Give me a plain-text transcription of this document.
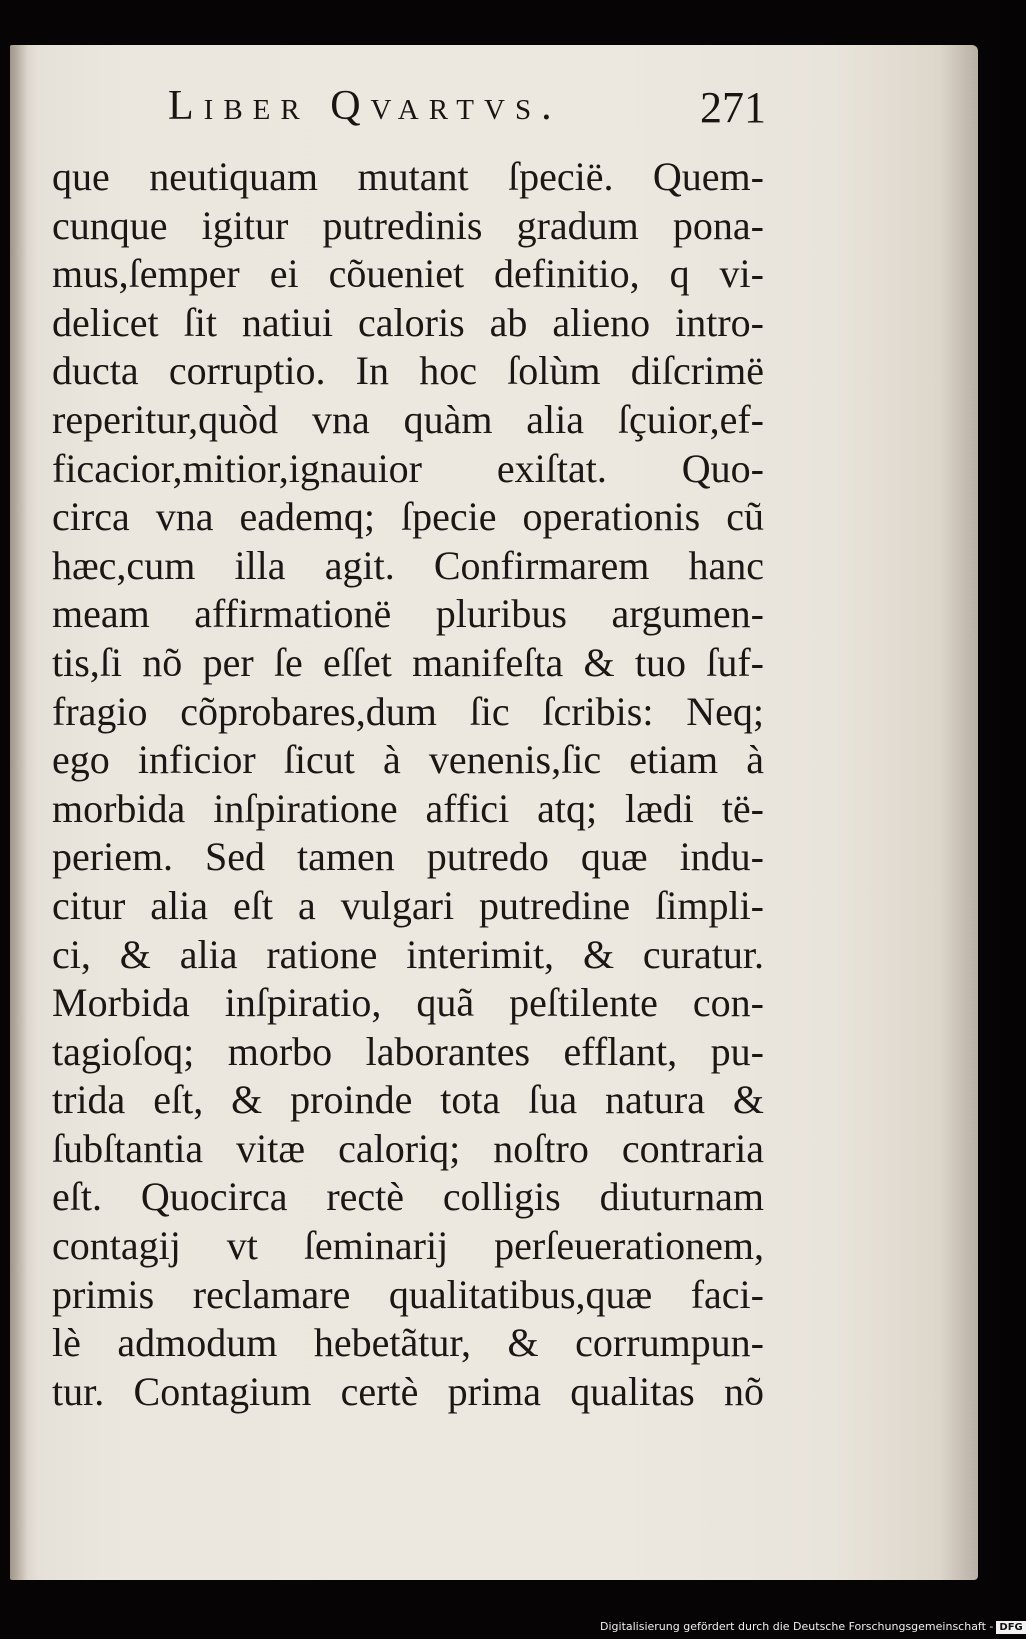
Liber Qvartvs.	271
que neutiquam mutant ſpecië. Quem-
cunque igitur putredinis gradum pona-
mus,ſemper ei cõueniet definitio, q vi-
delicet ſit natiui caloris ab alieno intro-
ducta corruptio. In hoc ſolùm diſcrimë
reperitur,quòd vna quàm alia ſçuior,ef-
ficacior,mitior,ignauior exiſtat. Quo-
circa vna eademq; ſpecie operationis cũ
hæc,cum illa agit. Confirmarem hanc
meam affirmationë pluribus argumen-
tis,ſi nõ per ſe eſſet manifeſta & tuo ſuf-
fragio cõprobares,dum ſic ſcribis: Neq;
ego inficior ſicut à venenis,ſic etiam à
morbida inſpiratione affici atq; lædi të-
periem. Sed tamen putredo quæ indu-
citur alia eſt a vulgari putredine ſimpli-
ci, & alia ratione interimit, & curatur.
Morbida inſpiratio, quã peſtilente con-
tagioſoq; morbo laborantes efflant, pu-
trida eſt, & proinde tota ſua natura &
ſubſtantia vitæ caloriq; noſtro contraria
eſt. Quocirca rectè colligis diuturnam
contagij vt ſeminarij perſeuerationem,
primis reclamare qualitatibus,quæ faci-
lè admodum hebetãtur, & corrumpun-
tur. Contagium certè prima qualitas nõ
Digitalisierung gefördert durch die Deutsche Forschungsgemeinschaft - DFG
